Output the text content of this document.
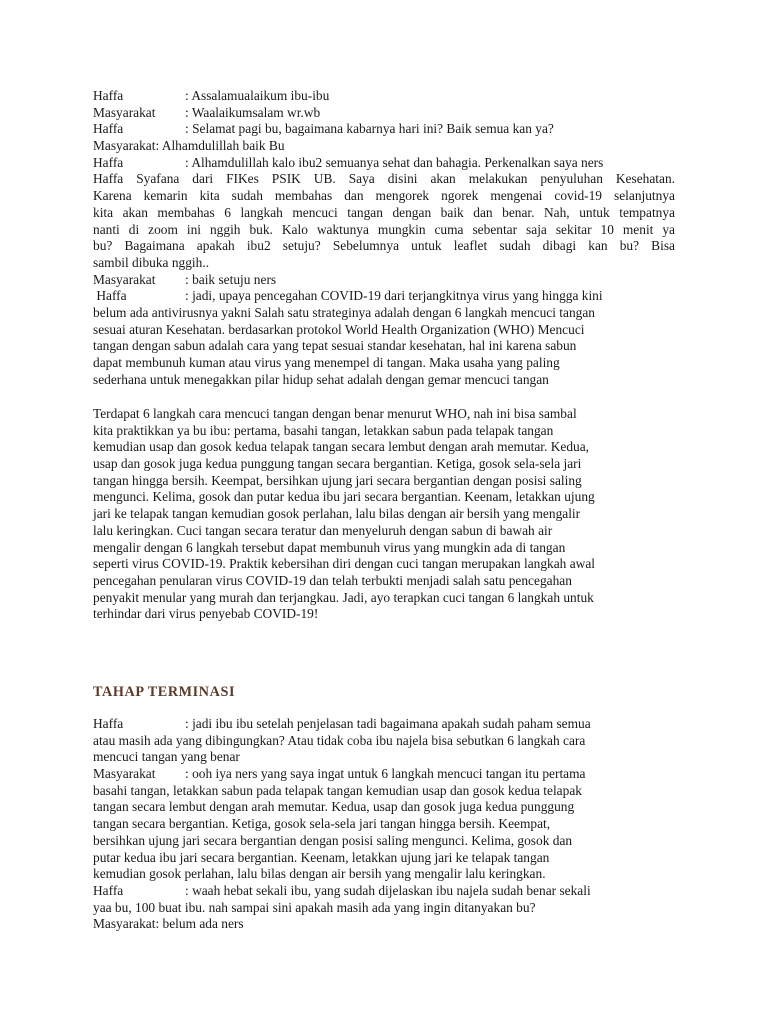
Haffa	: Assalamualaikum ibu-ibu
Masyarakat : Waalaikumsalam wr.wb
Haffa	: Selamat pagi bu, bagaimana kabarnya hari ini? Baik semua kan ya?
Masyarakat: Alhamdulillah baik Bu
Haffa	: Alhamdulillah kalo ibu2 semuanya sehat dan bahagia. Perkenalkan saya ners
Haffa Syafana dari FIKes PSIK UB. Saya disini akan melakukan penyuluhan Kesehatan.
Karena kemarin kita sudah membahas dan mengorek ngorek mengenai covid-19 selanjutnya
kita akan membahas 6 langkah mencuci tangan dengan baik dan benar. Nah, untuk tempatnya
nanti di zoom ini nggih buk. Kalo waktunya mungkin cuma sebentar saja sekitar 10 menit ya
bu? Bagaimana apakah ibu2 setuju? Sebelumnya untuk leaflet sudah dibagi kan bu? Bisa
sambil dibuka nggih..
Masyarakat : baik setuju ners
Haffa	: jadi, upaya pencegahan COVID-19 dari terjangkitnya virus yang hingga kini
belum ada antivirusnya yakni Salah satu strateginya adalah dengan 6 langkah mencuci tangan
sesuai aturan Kesehatan. berdasarkan protokol World Health Organization (WHO) Mencuci
tangan dengan sabun adalah cara yang tepat sesuai standar kesehatan, hal ini karena sabun
dapat membunuh kuman atau virus yang menempel di tangan. Maka usaha yang paling
sederhana untuk menegakkan pilar hidup sehat adalah dengan gemar mencuci tangan
Terdapat 6 langkah cara mencuci tangan dengan benar menurut WHO, nah ini bisa sambal
kita praktikkan ya bu ibu: pertama, basahi tangan, letakkan sabun pada telapak tangan
kemudian usap dan gosok kedua telapak tangan secara lembut dengan arah memutar. Kedua,
usap dan gosok juga kedua punggung tangan secara bergantian. Ketiga, gosok sela-sela jari
tangan hingga bersih. Keempat, bersihkan ujung jari secara bergantian dengan posisi saling
mengunci. Kelima, gosok dan putar kedua ibu jari secara bergantian. Keenam, letakkan ujung
jari ke telapak tangan kemudian gosok perlahan, lalu bilas dengan air bersih yang mengalir
lalu keringkan. Cuci tangan secara teratur dan menyeluruh dengan sabun di bawah air
mengalir dengan 6 langkah tersebut dapat membunuh virus yang mungkin ada di tangan
seperti virus COVID-19. Praktik kebersihan diri dengan cuci tangan merupakan langkah awal
pencegahan penularan virus COVID-19 dan telah terbukti menjadi salah satu pencegahan
penyakit menular yang murah dan terjangkau. Jadi, ayo terapkan cuci tangan 6 langkah untuk
terhindar dari virus penyebab COVID-19!
TAHAP TERMINASI
Haffa	: jadi ibu ibu setelah penjelasan tadi bagaimana apakah sudah paham semua
atau masih ada yang dibingungkan? Atau tidak coba ibu najela bisa sebutkan 6 langkah cara
mencuci tangan yang benar
Masyarakat : ooh iya ners yang saya ingat untuk 6 langkah mencuci tangan itu pertama
basahi tangan, letakkan sabun pada telapak tangan kemudian usap dan gosok kedua telapak
tangan secara lembut dengan arah memutar. Kedua, usap dan gosok juga kedua punggung
tangan secara bergantian. Ketiga, gosok sela-sela jari tangan hingga bersih. Keempat,
bersihkan ujung jari secara bergantian dengan posisi saling mengunci. Kelima, gosok dan
putar kedua ibu jari secara bergantian. Keenam, letakkan ujung jari ke telapak tangan
kemudian gosok perlahan, lalu bilas dengan air bersih yang mengalir lalu keringkan.
Haffa	: waah hebat sekali ibu, yang sudah dijelaskan ibu najela sudah benar sekali
yaa bu, 100 buat ibu. nah sampai sini apakah masih ada yang ingin ditanyakan bu?
Masyarakat: belum ada ners
